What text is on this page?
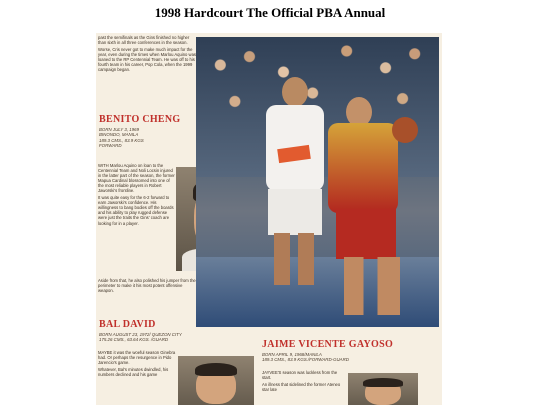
1998 Hardcourt The Official PBA Annual

past the semifinals as the Gins finished no higher than sixth in all three conferences in the season.

Worse, Cris never got to make much impact for the year, even during the times when Marlou Aquino was loaned to the RP Centennial Team. He was off to his fourth team in his career, Pop Cola, when the 1999 campaign began.

BENITO CHENG
BORN JULY 3, 1969
BINONDO, MANILA
189.3 CMS., 83.9 KGS
FORWARD

WITH Marlou Aquino on loan to the Centennial Team and Noli Locsin injured in the latter part of the season, the former Mapua Cardinal blossomed into one of the most reliable players in Robert Jaworski's frontline.

It was quite easy for the 6-2 forward to earn Jaworski's confidence. His willingness to bang bodies off the boards and his ability to play rugged defense were just the traits the Gins' coach are looking for in a player.

Aside from that, he also polished his jumper from the perimeter to make it his most potent offensive weapon.

BAL DAVID
BORN AUGUST 23, 1972/ QUEZON CITY
175.26 CMS., 63.64 KGS. /GUARD

MAYBE it was the woeful season Ginebra had. Or perhaps the resurgence in Pido Jarencio's game.

Whatever, Bal's minutes dwindled, his numbers declined and his game

JAIME VICENTE GAYOSO
BORN APRIL 9, 1968/MANILA
189.3 CMS., 83.9 KGS./FORWARD-GUARD

JAYVEE'S season was luckless from the start.

An illness that sidelined the former Ateneo star late
